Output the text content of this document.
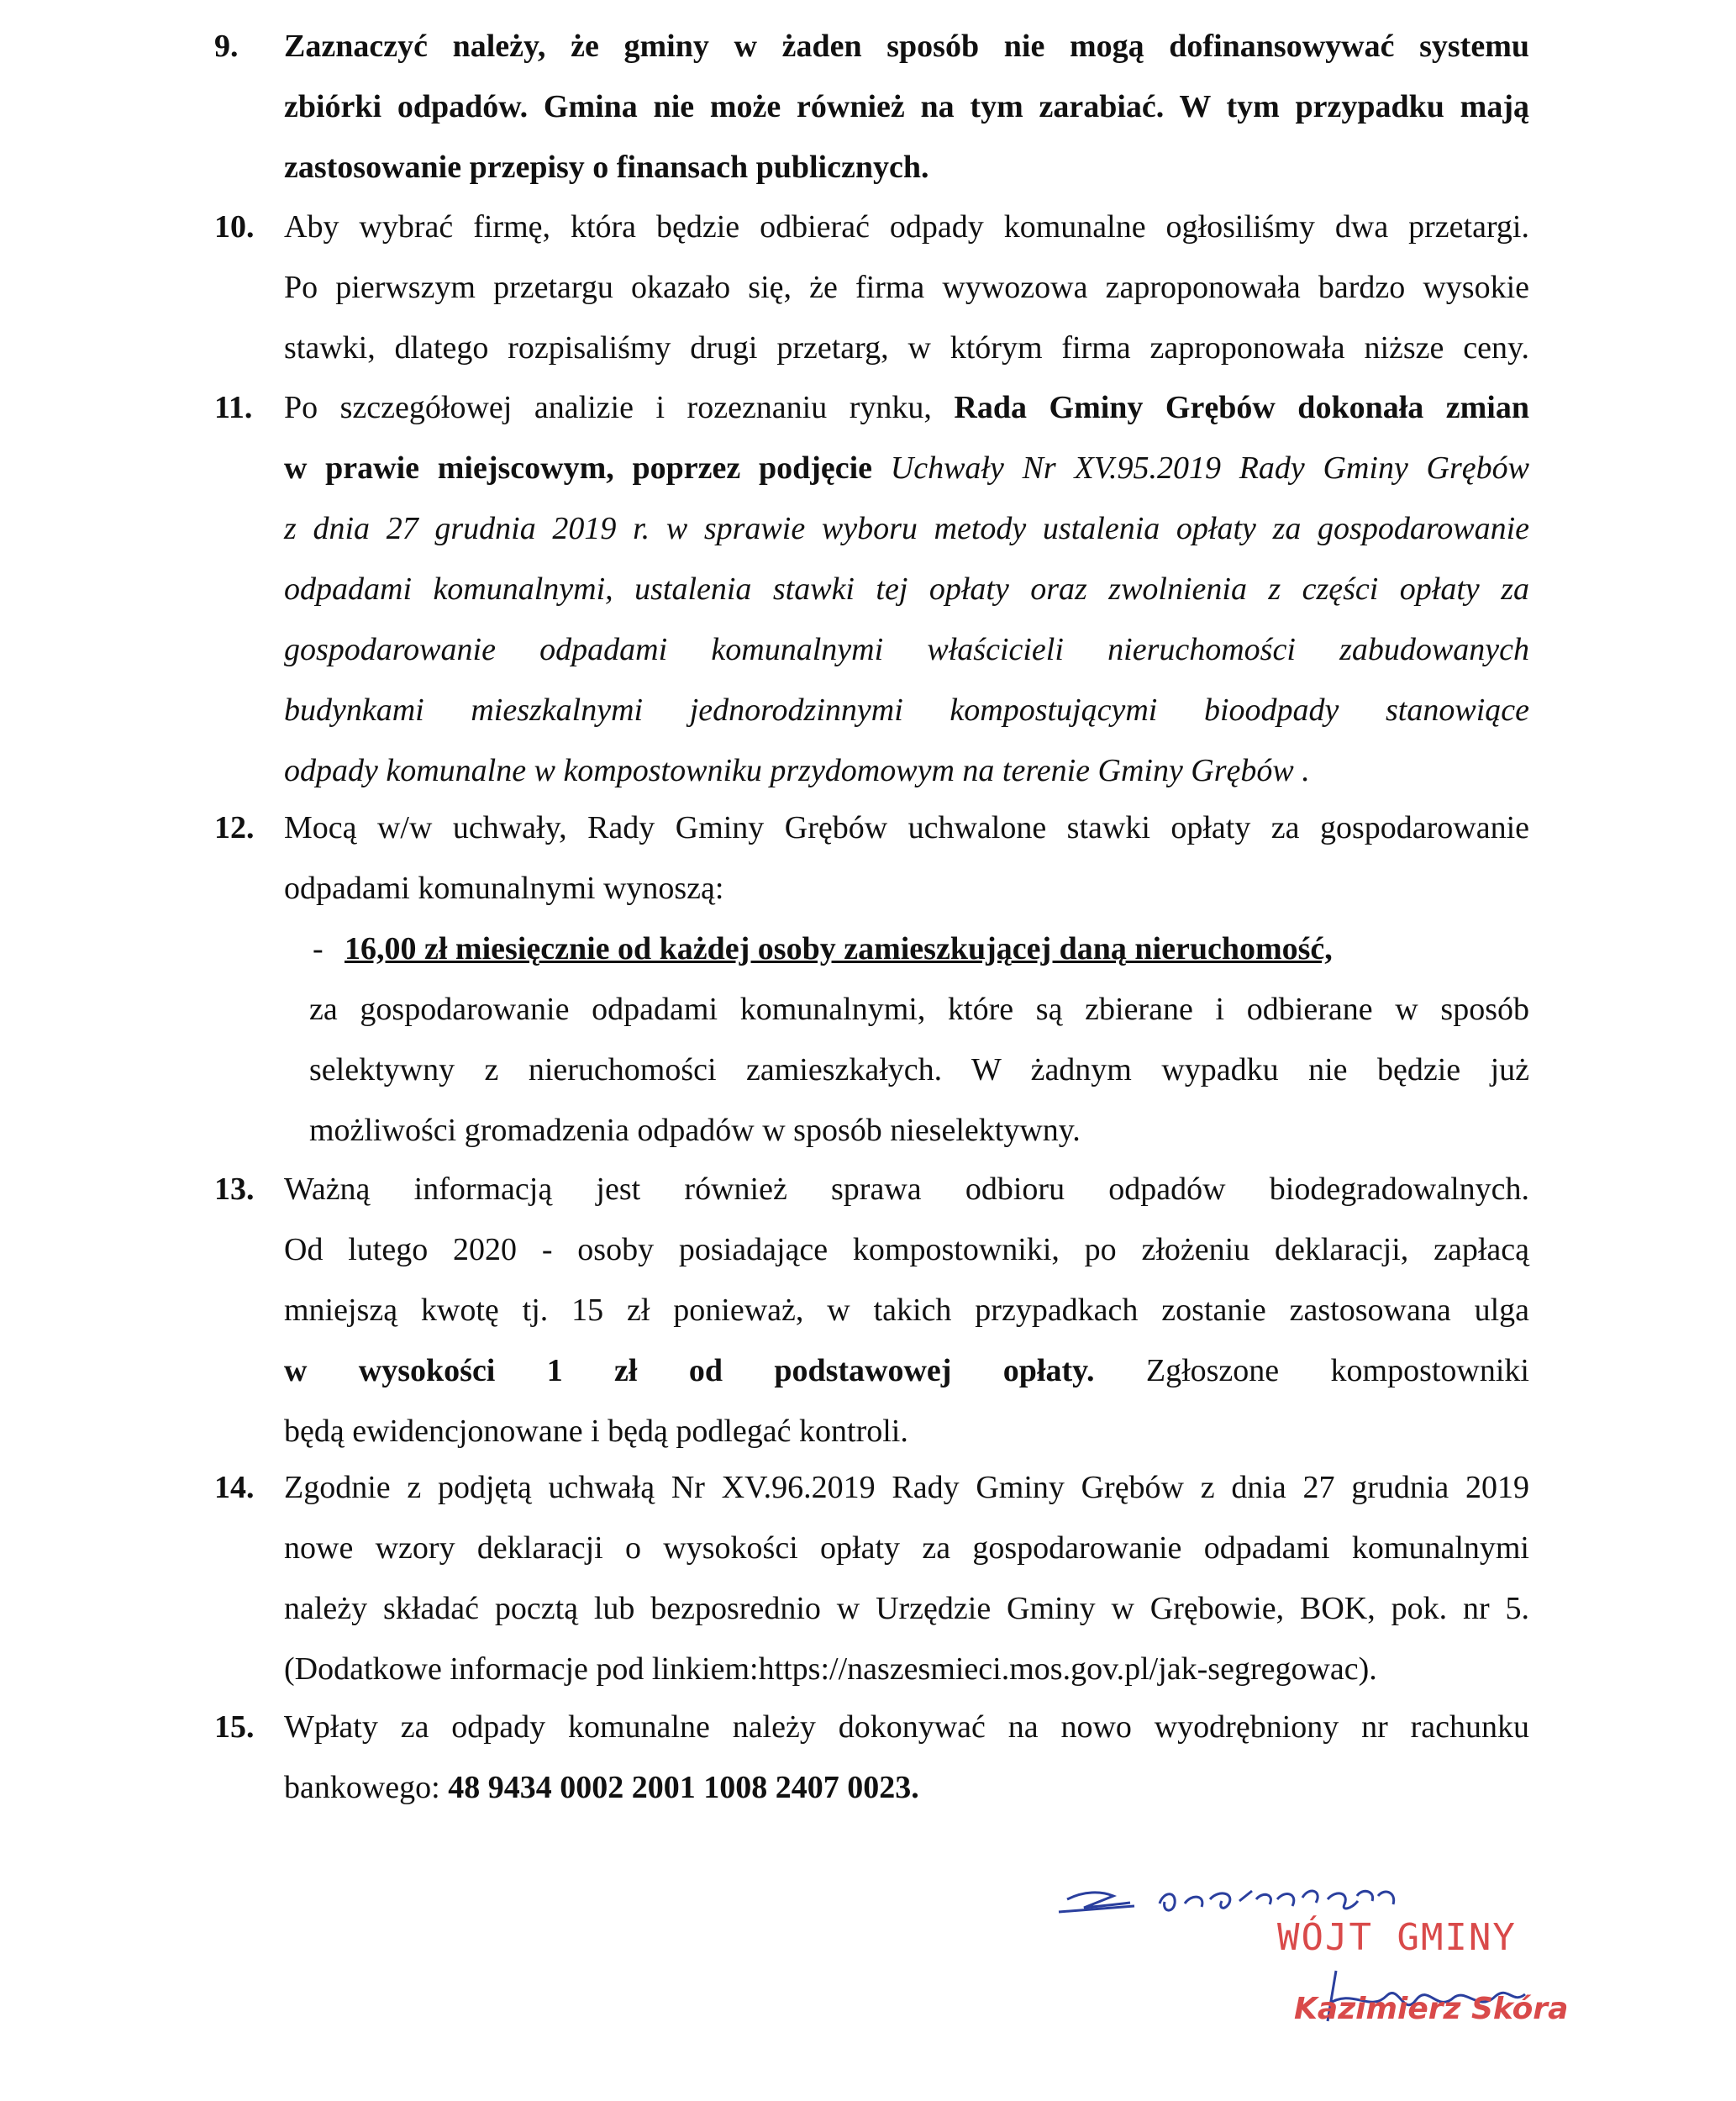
9. Zaznaczyć należy, że gminy w żaden sposób nie mogą dofinansowywać systemu
zbiórki odpadów. Gmina nie może również na tym zarabiać. W tym przypadku mają
zastosowanie przepisy o finansach publicznych.
10. Aby wybrać firmę, która będzie odbierać odpady komunalne ogłosiliśmy dwa przetargi.
Po pierwszym przetargu okazało się, że firma wywozowa zaproponowała bardzo wysokie
stawki, dlatego rozpisaliśmy drugi przetarg, w którym firma zaproponowała niższe ceny.
11. Po szczegółowej analizie i rozeznaniu rynku, Rada Gminy Grębów dokonała zmian
w prawie miejscowym, poprzez podjęcie Uchwały Nr XV.95.2019 Rady Gminy Grębów
z dnia 27 grudnia 2019 r. w sprawie wyboru metody ustalenia opłaty za gospodarowanie
odpadami komunalnymi, ustalenia stawki tej opłaty oraz zwolnienia z części opłaty za
gospodarowanie odpadami komunalnymi właścicieli nieruchomości zabudowanych
budynkami mieszkalnymi jednorodzinnymi kompostującymi bioodpady stanowiące
odpady komunalne w kompostowniku przydomowym na terenie Gminy Grębów .
12. Mocą w/w uchwały, Rady Gminy Grębów uchwalone stawki opłaty za gospodarowanie
odpadami komunalnymi wynoszą:
- 16,00 zł miesięcznie od każdej osoby zamieszkującej daną nieruchomość,
za gospodarowanie odpadami komunalnymi, które są zbierane i odbierane w sposób
selektywny z nieruchomości zamieszkałych. W żadnym wypadku nie będzie już
możliwości gromadzenia odpadów w sposób nieselektywny.
13. Ważną informacją jest również sprawa odbioru odpadów biodegradowalnych.
Od lutego 2020 - osoby posiadające kompostowniki, po złożeniu deklaracji, zapłacą
mniejszą kwotę tj. 15 zł ponieważ, w takich przypadkach zostanie zastosowana ulga
w wysokości 1 zł od podstawowej opłaty. Zgłoszone kompostowniki
będą ewidencjonowane i będą podlegać kontroli.
14. Zgodnie z podjętą uchwałą Nr XV.96.2019 Rady Gminy Grębów z dnia 27 grudnia 2019
nowe wzory deklaracji o wysokości opłaty za gospodarowanie odpadami komunalnymi
należy składać pocztą lub bezposrednio w Urzędzie Gminy w Grębowie, BOK, pok. nr 5.
(Dodatkowe informacje pod linkiem:https://naszesmieci.mos.gov.pl/jak-segregowac).
15. Wpłaty za odpady komunalne należy dokonywać na nowo wyodrębniony nr rachunku
bankowego: 48 9434 0002 2001 1008 2407 0023.
WÓJT GMINY
Kazimierz Skóra
